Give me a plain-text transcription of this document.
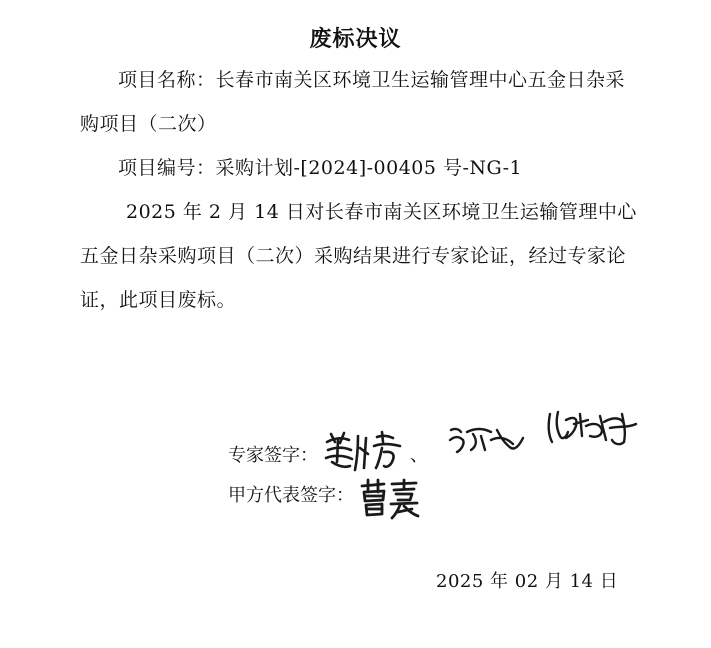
废标决议
项目名称：长春市南关区环境卫生运输管理中心五金日杂采购项目（二次）
项目编号：采购计划-[2024]-00405 号-NG-1
2025 年 2 月 14 日对长春市南关区环境卫生运输管理中心五金日杂采购项目（二次）采购结果进行专家论证，经过专家论证，此项目废标。
专家签字：	、
甲方代表签字：
2025 年 02 月 14 日
